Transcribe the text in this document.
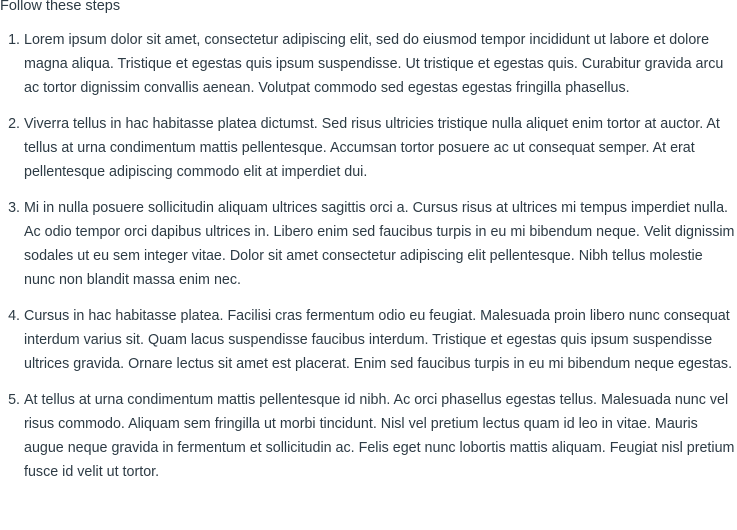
Follow these steps

1. Lorem ipsum dolor sit amet, consectetur adipiscing elit, sed do eiusmod tempor incididunt ut labore et dolore magna aliqua. Tristique et egestas quis ipsum suspendisse. Ut tristique et egestas quis. Curabitur gravida arcu ac tortor dignissim convallis aenean. Volutpat commodo sed egestas egestas fringilla phasellus.
2. Viverra tellus in hac habitasse platea dictumst. Sed risus ultricies tristique nulla aliquet enim tortor at auctor. At tellus at urna condimentum mattis pellentesque. Accumsan tortor posuere ac ut consequat semper. At erat pellentesque adipiscing commodo elit at imperdiet dui.
3. Mi in nulla posuere sollicitudin aliquam ultrices sagittis orci a. Cursus risus at ultrices mi tempus imperdiet nulla. Ac odio tempor orci dapibus ultrices in. Libero enim sed faucibus turpis in eu mi bibendum neque. Velit dignissim sodales ut eu sem integer vitae. Dolor sit amet consectetur adipiscing elit pellentesque. Nibh tellus molestie nunc non blandit massa enim nec.
4. Cursus in hac habitasse platea. Facilisi cras fermentum odio eu feugiat. Malesuada proin libero nunc consequat interdum varius sit. Quam lacus suspendisse faucibus interdum. Tristique et egestas quis ipsum suspendisse ultrices gravida. Ornare lectus sit amet est placerat. Enim sed faucibus turpis in eu mi bibendum neque egestas.
5. At tellus at urna condimentum mattis pellentesque id nibh. Ac orci phasellus egestas tellus. Malesuada nunc vel risus commodo. Aliquam sem fringilla ut morbi tincidunt. Nisl vel pretium lectus quam id leo in vitae. Mauris augue neque gravida in fermentum et sollicitudin ac. Felis eget nunc lobortis mattis aliquam. Feugiat nisl pretium fusce id velit ut tortor.
